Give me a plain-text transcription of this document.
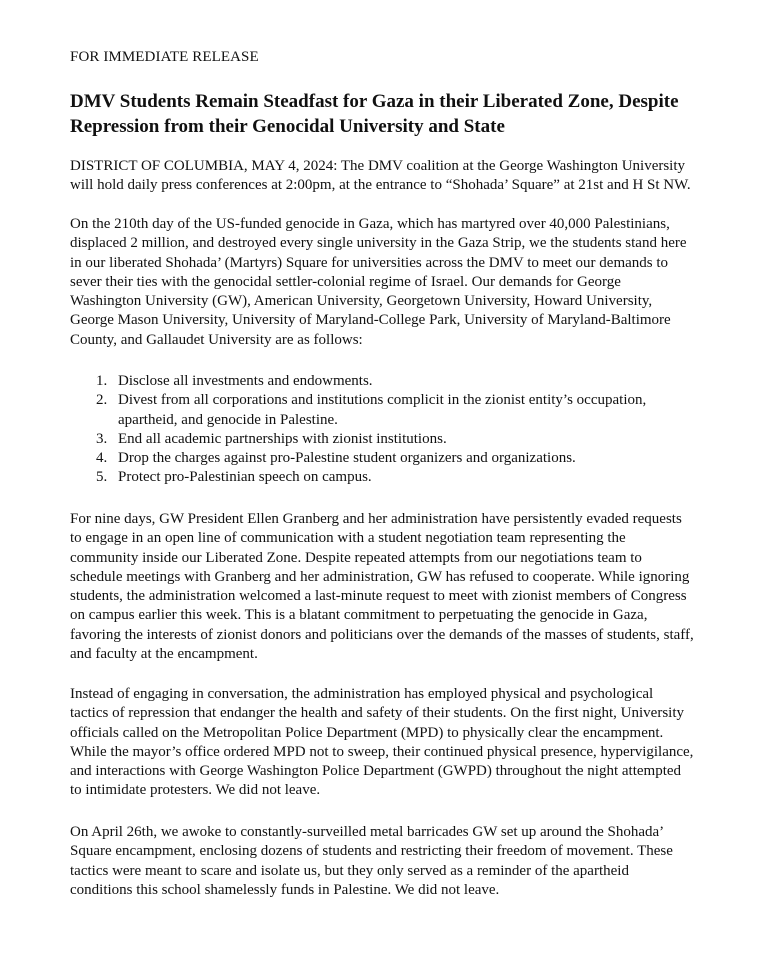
FOR IMMEDIATE RELEASE
DMV Students Remain Steadfast for Gaza in their Liberated Zone, Despite Repression from their Genocidal University and State

DISTRICT OF COLUMBIA, MAY 4, 2024: The DMV coalition at the George Washington University will hold daily press conferences at 2:00pm, at the entrance to “Shohada’ Square” at 21st and H St NW.

On the 210th day of the US-funded genocide in Gaza, which has martyred over 40,000 Palestinians, displaced 2 million, and destroyed every single university in the Gaza Strip, we the students stand here in our liberated Shohada’ (Martyrs) Square for universities across the DMV to meet our demands to sever their ties with the genocidal settler-colonial regime of Israel. Our demands for George Washington University (GW), American University, Georgetown University, Howard University, George Mason University, University of Maryland-College Park, University of Maryland-Baltimore County, and Gallaudet University are as follows:

1. Disclose all investments and endowments.
2. Divest from all corporations and institutions complicit in the zionist entity’s occupation, apartheid, and genocide in Palestine.
3. End all academic partnerships with zionist institutions.
4. Drop the charges against pro-Palestine student organizers and organizations.
5. Protect pro-Palestinian speech on campus.

For nine days, GW President Ellen Granberg and her administration have persistently evaded requests to engage in an open line of communication with a student negotiation team representing the community inside our Liberated Zone. Despite repeated attempts from our negotiations team to schedule meetings with Granberg and her administration, GW has refused to cooperate. While ignoring students, the administration welcomed a last-minute request to meet with zionist members of Congress on campus earlier this week. This is a blatant commitment to perpetuating the genocide in Gaza, favoring the interests of zionist donors and politicians over the demands of the masses of students, staff, and faculty at the encampment.

Instead of engaging in conversation, the administration has employed physical and psychological tactics of repression that endanger the health and safety of their students. On the first night, University officials called on the Metropolitan Police Department (MPD) to physically clear the encampment. While the mayor’s office ordered MPD not to sweep, their continued physical presence, hypervigilance, and interactions with George Washington Police Department (GWPD) throughout the night attempted to intimidate protesters. We did not leave.

On April 26th, we awoke to constantly-surveilled metal barricades GW set up around the Shohada’ Square encampment, enclosing dozens of students and restricting their freedom of movement. These tactics were meant to scare and isolate us, but they only served as a reminder of the apartheid conditions this school shamelessly funds in Palestine. We did not leave.
